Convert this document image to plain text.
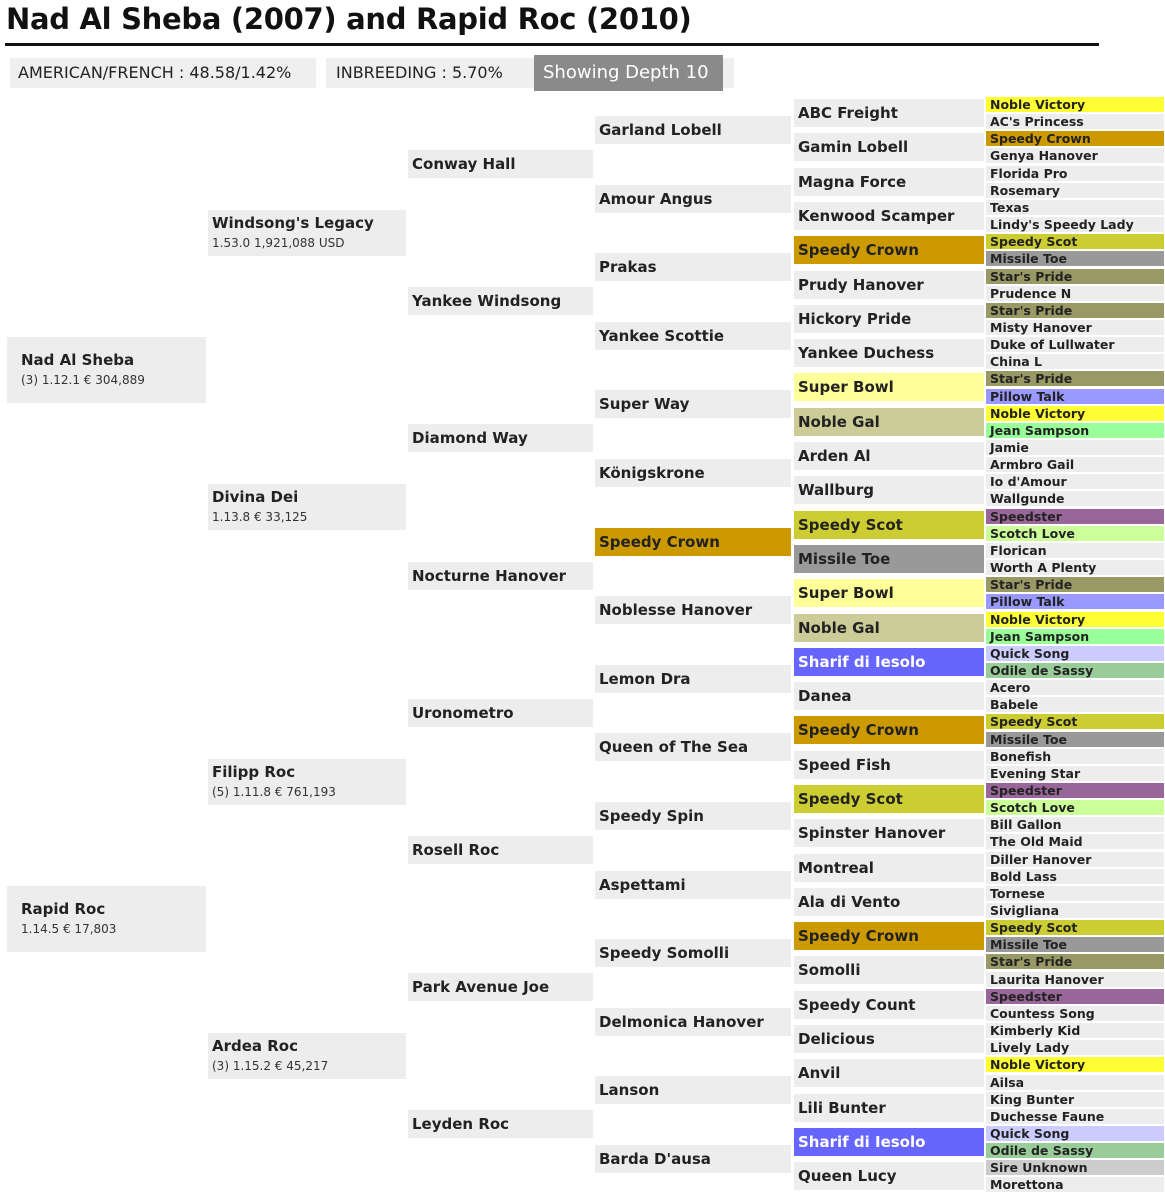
Nad Al Sheba (2007) and Rapid Roc (2010)
AMERICAN/FRENCH : 48.58/1.42%	INBREEDING : 5.70%	Showing Depth 10
Nad Al Sheba
(3) 1.12.1 € 304,889
Rapid Roc
1.14.5 € 17,803
Windsong's Legacy
1.53.0 1,921,088 USD
Divina Dei
1.13.8 € 33,125
Filipp Roc
(5) 1.11.8 € 761,193
Ardea Roc
(3) 1.15.2 € 45,217
Conway Hall
Yankee Windsong
Diamond Way
Nocturne Hanover
Uronometro
Rosell Roc
Park Avenue Joe
Leyden Roc
Garland Lobell
Amour Angus
Prakas
Yankee Scottie
Super Way
Königskrone
Speedy Crown
Noblesse Hanover
Lemon Dra
Queen of The Sea
Speedy Spin
Aspettami
Speedy Somolli
Delmonica Hanover
Lanson
Barda D'ausa
ABC Freight
Gamin Lobell
Magna Force
Kenwood Scamper
Speedy Crown
Prudy Hanover
Hickory Pride
Yankee Duchess
Super Bowl
Noble Gal
Arden Al
Wallburg
Speedy Scot
Missile Toe
Super Bowl
Noble Gal
Sharif di Iesolo
Danea
Speedy Crown
Speed Fish
Speedy Scot
Spinster Hanover
Montreal
Ala di Vento
Speedy Crown
Somolli
Speedy Count
Delicious
Anvil
Lili Bunter
Sharif di Iesolo
Queen Lucy
Noble Victory
AC's Princess
Speedy Crown
Genya Hanover
Florida Pro
Rosemary
Texas
Lindy's Speedy Lady
Speedy Scot
Missile Toe
Star's Pride
Prudence N
Star's Pride
Misty Hanover
Duke of Lullwater
China L
Star's Pride
Pillow Talk
Noble Victory
Jean Sampson
Jamie
Armbro Gail
Io d'Amour
Wallgunde
Speedster
Scotch Love
Florican
Worth A Plenty
Star's Pride
Pillow Talk
Noble Victory
Jean Sampson
Quick Song
Odile de Sassy
Acero
Babele
Speedy Scot
Missile Toe
Bonefish
Evening Star
Speedster
Scotch Love
Bill Gallon
The Old Maid
Diller Hanover
Bold Lass
Tornese
Sivigliana
Speedy Scot
Missile Toe
Star's Pride
Laurita Hanover
Speedster
Countess Song
Kimberly Kid
Lively Lady
Noble Victory
Ailsa
King Bunter
Duchesse Faune
Quick Song
Odile de Sassy
Sire Unknown
Morettona
